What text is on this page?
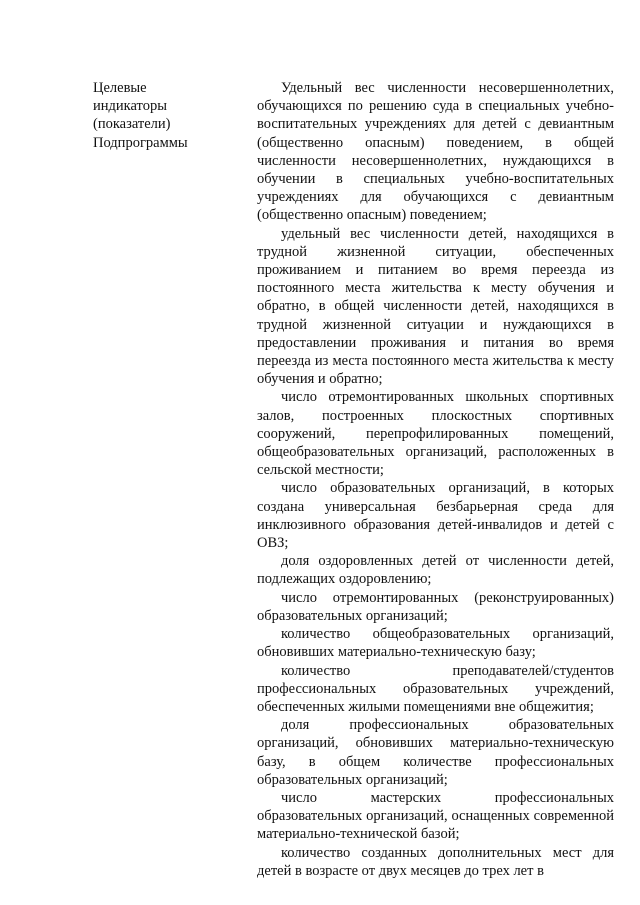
Целевые
индикаторы
(показатели)
Подпрограммы

Удельный вес численности несовершеннолетних, обучающихся по решению суда в специальных учебно-воспитательных учреждениях для детей с девиантным (общественно опасным) поведением, в общей численности несовершеннолетних, нуждающихся в обучении в специальных учебно-воспитательных учреждениях для обучающихся с девиантным (общественно опасным) поведением;

удельный вес численности детей, находящихся в трудной жизненной ситуации, обеспеченных проживанием и питанием во время переезда из постоянного места жительства к месту обучения и обратно, в общей численности детей, находящихся в трудной жизненной ситуации и нуждающихся в предоставлении проживания и питания во время переезда из места постоянного места жительства к месту обучения и обратно;

число отремонтированных школьных спортивных залов, построенных плоскостных спортивных сооружений, перепрофилированных помещений, общеобразовательных организаций, расположенных в сельской местности;

число образовательных организаций, в которых создана универсальная безбарьерная среда для инклюзивного образования детей-инвалидов и детей с ОВЗ;

доля оздоровленных детей от численности детей, подлежащих оздоровлению;

число отремонтированных (реконструированных) образовательных организаций;

количество общеобразовательных организаций, обновивших материально-техническую базу;

количество преподавателей/студентов профессиональных образовательных учреждений, обеспеченных жилыми помещениями вне общежития;

доля профессиональных образовательных организаций, обновивших материально-техническую базу, в общем количестве профессиональных образовательных организаций;

число мастерских профессиональных образовательных организаций, оснащенных современной материально-технической базой;

количество созданных дополнительных мест для детей в возрасте от двух месяцев до трех лет в
